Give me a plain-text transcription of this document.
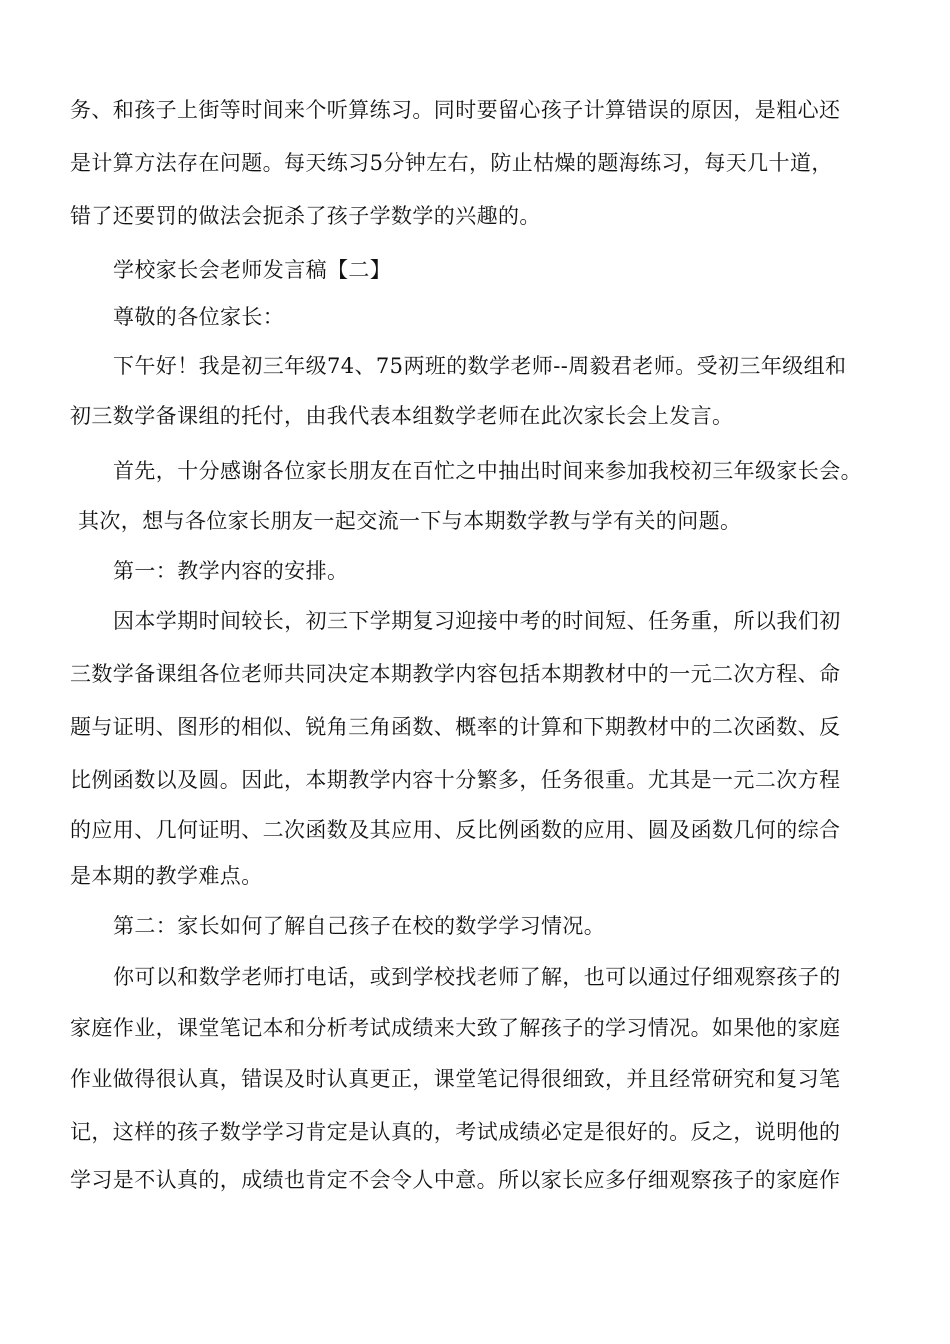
务、和孩子上街等时间来个听算练习。同时要留心孩子计算错误的原因，是粗心还
是计算方法存在问题。每天练习5分钟左右，防止枯燥的题海练习，每天几十道，
错了还要罚的做法会扼杀了孩子学数学的兴趣的。
学校家长会老师发言稿【二】
尊敬的各位家长：
下午好！我是初三年级74、75两班的数学老师--周毅君老师。受初三年级组和
初三数学备课组的托付，由我代表本组数学老师在此次家长会上发言。
首先，十分感谢各位家长朋友在百忙之中抽出时间来参加我校初三年级家长会。
其次，想与各位家长朋友一起交流一下与本期数学教与学有关的问题。
第一：教学内容的安排。
因本学期时间较长，初三下学期复习迎接中考的时间短、任务重，所以我们初
三数学备课组各位老师共同决定本期教学内容包括本期教材中的一元二次方程、命
题与证明、图形的相似、锐角三角函数、概率的计算和下期教材中的二次函数、反
比例函数以及圆。因此，本期教学内容十分繁多，任务很重。尤其是一元二次方程
的应用、几何证明、二次函数及其应用、反比例函数的应用、圆及函数几何的综合
是本期的教学难点。
第二：家长如何了解自己孩子在校的数学学习情况。
你可以和数学老师打电话，或到学校找老师了解，也可以通过仔细观察孩子的
家庭作业，课堂笔记本和分析考试成绩来大致了解孩子的学习情况。如果他的家庭
作业做得很认真，错误及时认真更正，课堂笔记得很细致，并且经常研究和复习笔
记，这样的孩子数学学习肯定是认真的，考试成绩必定是很好的。反之，说明他的
学习是不认真的，成绩也肯定不会令人中意。所以家长应多仔细观察孩子的家庭作
